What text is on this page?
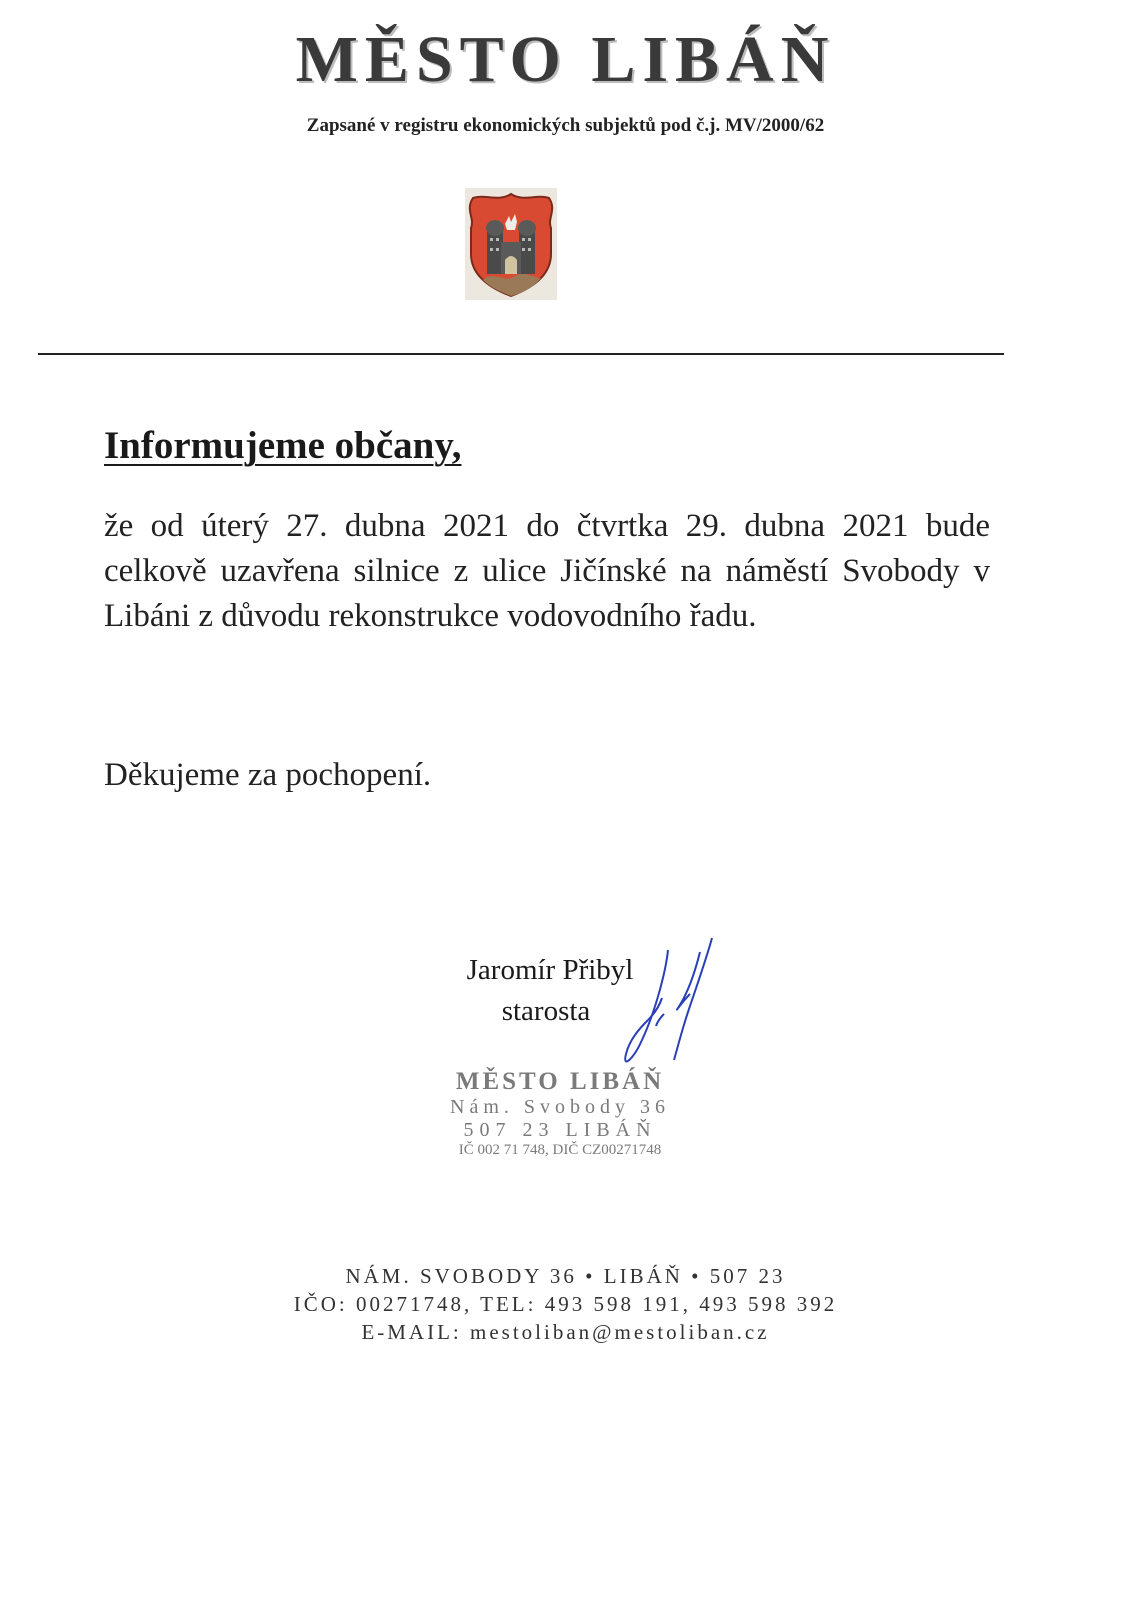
MĚSTO LIBÁŇ
Zapsané v registru ekonomických subjektů pod č.j. MV/2000/62
Informujeme občany,
že od úterý 27. dubna 2021 do čtvrtka 29. dubna 2021 bude celkově uzavřena silnice z ulice Jičínské na náměstí Svobody v Libáni z důvodu rekonstrukce vodovodního řadu.
Děkujeme za pochopení.
Jaromír Přibyl
starosta
MĚSTO LIBÁŇ
Nám. Svobody 36
507 23 LIBÁŇ
IČ 002 71 748, DIČ CZ00271748
NÁM. SVOBODY 36 • LIBÁŇ • 507 23
IČO: 00271748, TEL: 493 598 191, 493 598 392
E-MAIL: mestoliban@mestoliban.cz
